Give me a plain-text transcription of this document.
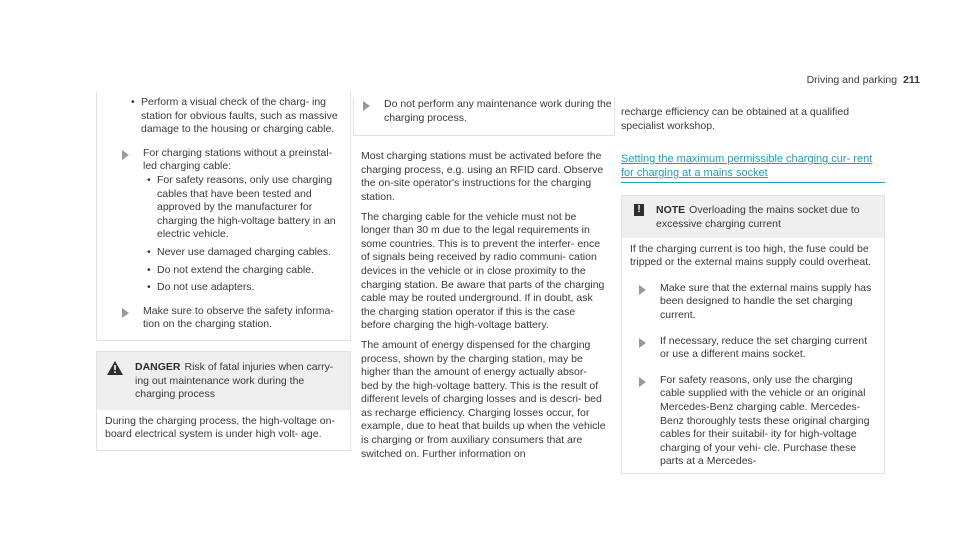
Driving and parking 211
• Perform a visual check of the charg‐ ing station for obvious faults, such as massive damage to the housing or charging cable.

For charging stations without a preinstal‐ led charging cable:

• For safety reasons, only use charging cables that have been tested and approved by the manufacturer for charging the high-voltage battery in an electric vehicle.
• Never use damaged charging cables.
• Do not extend the charging cable.
• Do not use adapters.

Make sure to observe the safety informa‐ tion on the charging station.

DANGER Risk of fatal injuries when carry‐ ing out maintenance work during the charging process
During the charging process, the high-voltage on-board electrical system is under high volt‐ age.

Do not perform any maintenance work during the charging process.

Most charging stations must be activated before the charging process, e.g. using an RFID card. Observe the on-site operator's instructions for the charging station.

The charging cable for the vehicle must not be longer than 30 m due to the legal requirements in some countries. This is to prevent the interfer‐ ence of signals being received by radio communi‐ cation devices in the vehicle or in close proximity to the charging station. Be aware that parts of the charging cable may be routed underground. If in doubt, ask the charging station operator if this is the case before charging the high-voltage battery.

The amount of energy dispensed for the charging process, shown by the charging station, may be higher than the amount of energy actually absor‐ bed by the high-voltage battery. This is the result of different levels of charging losses and is descri‐ bed as recharge efficiency. Charging losses occur, for example, due to heat that builds up when the vehicle is charging or from auxiliary consumers that are switched on. Further information on

recharge efficiency can be obtained at a qualified specialist workshop.

Setting the maximum permissible charging cur‐ rent for charging at a mains socket
!	NOTE Overloading the mains socket due to excessive charging current

If the charging current is too high, the fuse could be tripped or the external mains supply could overheat.

Make sure that the external mains supply has been designed to handle the set charging current.

If necessary, reduce the set charging current or use a different mains socket.

For safety reasons, only use the charging cable supplied with the vehicle or an original Mercedes-Benz charging cable. Mercedes-Benz thoroughly tests these original charging cables for their suitabil‐ ity for high-voltage charging of your vehi‐ cle. Purchase these parts at a Mercedes-
